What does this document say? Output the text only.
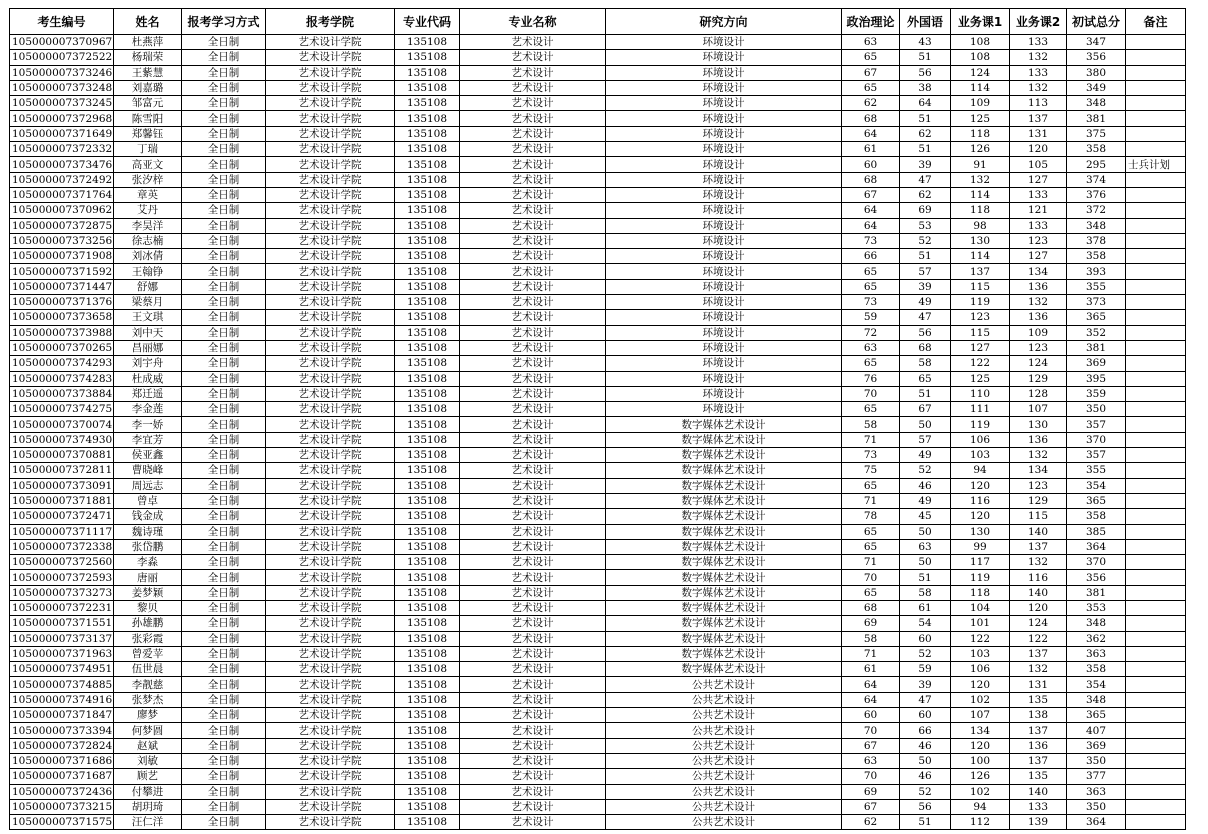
考生编号	姓名	报考学习方式	报考学院	专业代码	专业名称	研究方向	政治理论	外国语	业务课1	业务课2	初试总分	备注
105000007370967	杜燕萍	全日制	艺术设计学院	135108	艺术设计	环境设计	63	43	108	133	347	
105000007372522	杨瑞荣	全日制	艺术设计学院	135108	艺术设计	环境设计	65	51	108	132	356	
105000007373246	王紫慧	全日制	艺术设计学院	135108	艺术设计	环境设计	67	56	124	133	380	
105000007373248	刘嘉璐	全日制	艺术设计学院	135108	艺术设计	环境设计	65	38	114	132	349	
105000007373245	邹富元	全日制	艺术设计学院	135108	艺术设计	环境设计	62	64	109	113	348	
105000007372968	陈雪阳	全日制	艺术设计学院	135108	艺术设计	环境设计	68	51	125	137	381	
105000007371649	郑馨钰	全日制	艺术设计学院	135108	艺术设计	环境设计	64	62	118	131	375	
105000007372332	丁瑞	全日制	艺术设计学院	135108	艺术设计	环境设计	61	51	126	120	358	
105000007373476	高亚文	全日制	艺术设计学院	135108	艺术设计	环境设计	60	39	91	105	295	士兵计划
105000007372492	张汐梓	全日制	艺术设计学院	135108	艺术设计	环境设计	68	47	132	127	374	
105000007371764	章英	全日制	艺术设计学院	135108	艺术设计	环境设计	67	62	114	133	376	
105000007370962	艾丹	全日制	艺术设计学院	135108	艺术设计	环境设计	64	69	118	121	372	
105000007372875	李昊洋	全日制	艺术设计学院	135108	艺术设计	环境设计	64	53	98	133	348	
105000007373256	徐志楠	全日制	艺术设计学院	135108	艺术设计	环境设计	73	52	130	123	378	
105000007371908	刘冰倩	全日制	艺术设计学院	135108	艺术设计	环境设计	66	51	114	127	358	
105000007371592	王翰铮	全日制	艺术设计学院	135108	艺术设计	环境设计	65	57	137	134	393	
105000007371447	舒娜	全日制	艺术设计学院	135108	艺术设计	环境设计	65	39	115	136	355	
105000007371376	梁蔡月	全日制	艺术设计学院	135108	艺术设计	环境设计	73	49	119	132	373	
105000007373658	王文琪	全日制	艺术设计学院	135108	艺术设计	环境设计	59	47	123	136	365	
105000007373988	刘中天	全日制	艺术设计学院	135108	艺术设计	环境设计	72	56	115	109	352	
105000007370265	昌丽娜	全日制	艺术设计学院	135108	艺术设计	环境设计	63	68	127	123	381	
105000007374293	刘宇舟	全日制	艺术设计学院	135108	艺术设计	环境设计	65	58	122	124	369	
105000007374283	杜成威	全日制	艺术设计学院	135108	艺术设计	环境设计	76	65	125	129	395	
105000007373884	郑迁遥	全日制	艺术设计学院	135108	艺术设计	环境设计	70	51	110	128	359	
105000007374275	李金莲	全日制	艺术设计学院	135108	艺术设计	环境设计	65	67	111	107	350	
105000007370074	李一娇	全日制	艺术设计学院	135108	艺术设计	数字媒体艺术设计	58	50	119	130	357	
105000007374930	李宜芳	全日制	艺术设计学院	135108	艺术设计	数字媒体艺术设计	71	57	106	136	370	
105000007370881	侯亚鑫	全日制	艺术设计学院	135108	艺术设计	数字媒体艺术设计	73	49	103	132	357	
105000007372811	曹晓峰	全日制	艺术设计学院	135108	艺术设计	数字媒体艺术设计	75	52	94	134	355	
105000007373091	周远志	全日制	艺术设计学院	135108	艺术设计	数字媒体艺术设计	65	46	120	123	354	
105000007371881	曾卓	全日制	艺术设计学院	135108	艺术设计	数字媒体艺术设计	71	49	116	129	365	
105000007372471	钱金成	全日制	艺术设计学院	135108	艺术设计	数字媒体艺术设计	78	45	120	115	358	
105000007371117	魏诗瑾	全日制	艺术设计学院	135108	艺术设计	数字媒体艺术设计	65	50	130	140	385	
105000007372338	张岱鹏	全日制	艺术设计学院	135108	艺术设计	数字媒体艺术设计	65	63	99	137	364	
105000007372560	李淼	全日制	艺术设计学院	135108	艺术设计	数字媒体艺术设计	71	50	117	132	370	
105000007372593	唐丽	全日制	艺术设计学院	135108	艺术设计	数字媒体艺术设计	70	51	119	116	356	
105000007373273	姜梦颖	全日制	艺术设计学院	135108	艺术设计	数字媒体艺术设计	65	58	118	140	381	
105000007372231	黎贝	全日制	艺术设计学院	135108	艺术设计	数字媒体艺术设计	68	61	104	120	353	
105000007371551	孙雄鹏	全日制	艺术设计学院	135108	艺术设计	数字媒体艺术设计	69	54	101	124	348	
105000007373137	张彩霞	全日制	艺术设计学院	135108	艺术设计	数字媒体艺术设计	58	60	122	122	362	
105000007371963	曾爱苹	全日制	艺术设计学院	135108	艺术设计	数字媒体艺术设计	71	52	103	137	363	
105000007374951	伍世晨	全日制	艺术设计学院	135108	艺术设计	数字媒体艺术设计	61	59	106	132	358	
105000007374885	李靓慈	全日制	艺术设计学院	135108	艺术设计	公共艺术设计	64	39	120	131	354	
105000007374916	张梦杰	全日制	艺术设计学院	135108	艺术设计	公共艺术设计	64	47	102	135	348	
105000007371847	廖梦	全日制	艺术设计学院	135108	艺术设计	公共艺术设计	60	60	107	138	365	
105000007373394	何梦圆	全日制	艺术设计学院	135108	艺术设计	公共艺术设计	70	66	134	137	407	
105000007372824	赵斌	全日制	艺术设计学院	135108	艺术设计	公共艺术设计	67	46	120	136	369	
105000007371686	刘敏	全日制	艺术设计学院	135108	艺术设计	公共艺术设计	63	50	100	137	350	
105000007371687	顾艺	全日制	艺术设计学院	135108	艺术设计	公共艺术设计	70	46	126	135	377	
105000007372436	付攀进	全日制	艺术设计学院	135108	艺术设计	公共艺术设计	69	52	102	140	363	
105000007373215	胡玥琦	全日制	艺术设计学院	135108	艺术设计	公共艺术设计	67	56	94	133	350	
105000007371575	汪仁洋	全日制	艺术设计学院	135108	艺术设计	公共艺术设计	62	51	112	139	364	
